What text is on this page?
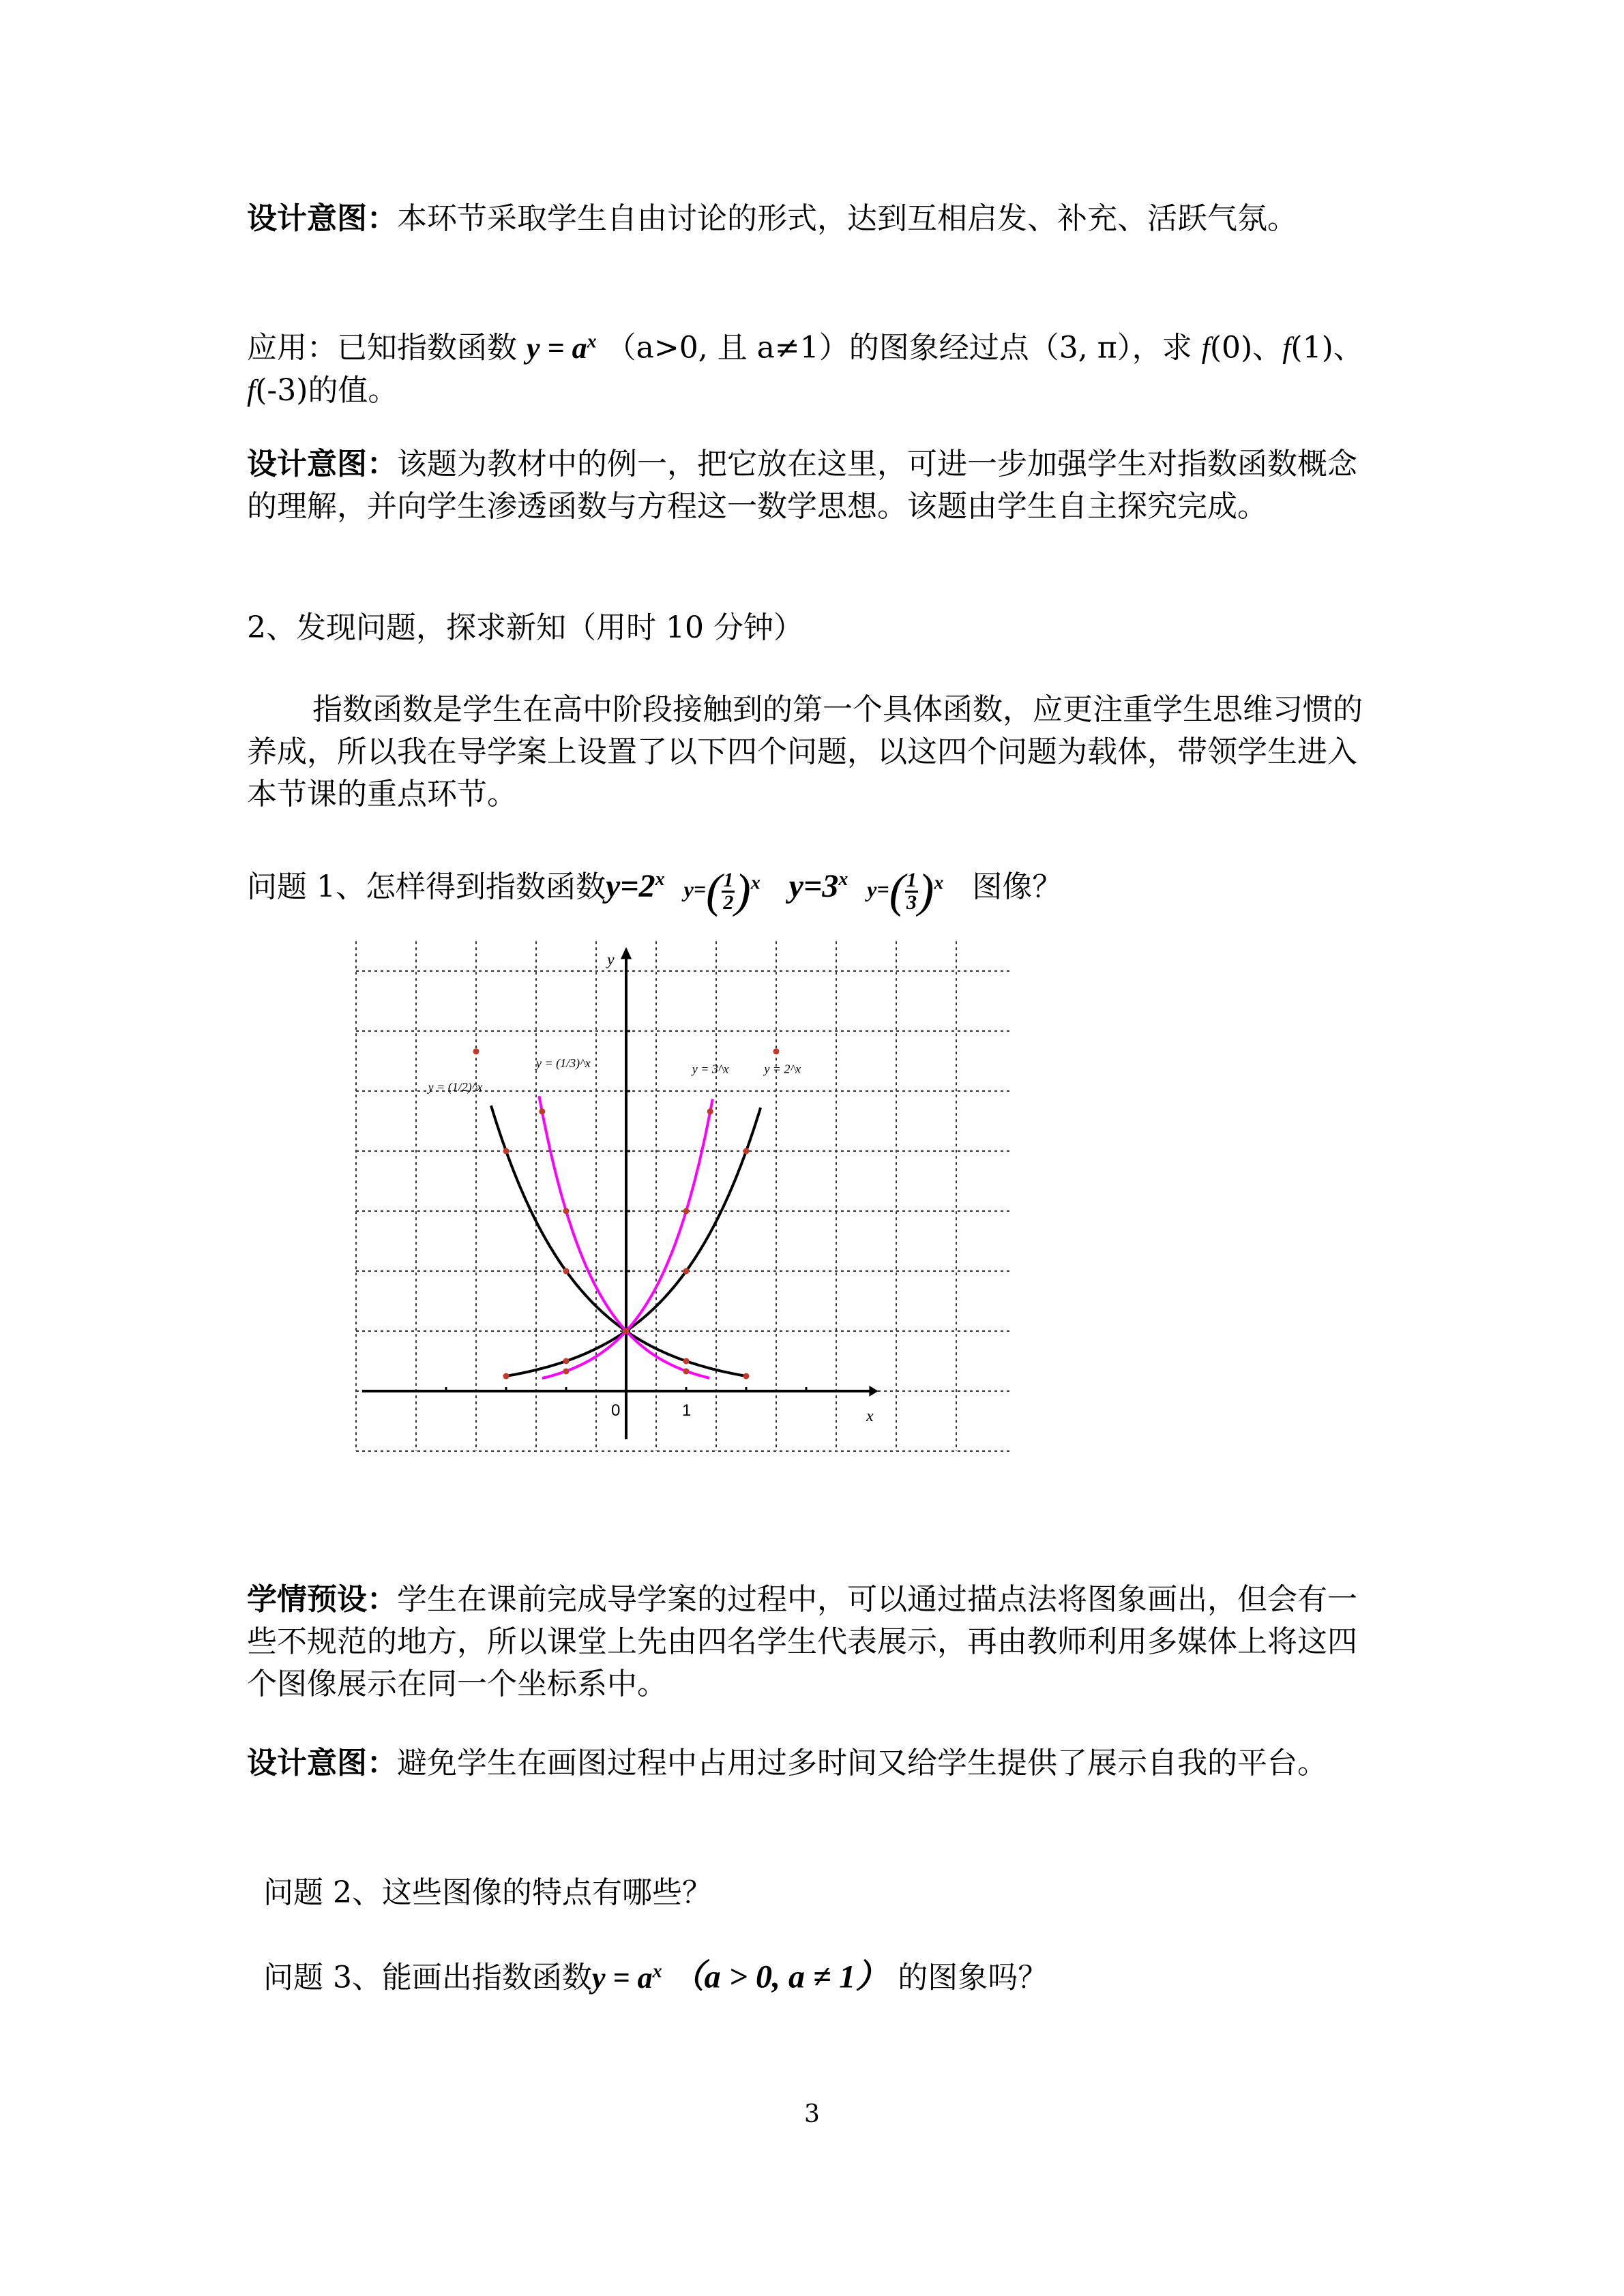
设计意图：本环节采取学生自由讨论的形式，达到互相启发、补充、活跃气氛。

应用：已知指数函数 $y = a^x$ （a>0, 且 a≠1）的图象经过点（3, π），求 f(0)、f(1)、f(-3)的值。

设计意图：该题为教材中的例一，把它放在这里，可进一步加强学生对指数函数概念的理解，并向学生渗透函数与方程这一数学思想。该题由学生自主探究完成。

2、发现问题，探求新知（用时 10 分钟）

指数函数是学生在高中阶段接触到的第一个具体函数，应更注重学生思维习惯的养成，所以我在导学案上设置了以下四个问题，以这四个问题为载体，带领学生进入本节课的重点环节。

问题 1、怎样得到指数函数$y=2^x$ $y=( \frac{1}{2} )^x$ $y=3^x$ $y=( \frac{1}{3} )^x$ 图像？

0	1	x
y
y = (1/2)^x
y = (1/3)^x	y = 3^x	y = 2^x

学情预设：学生在课前完成导学案的过程中，可以通过描点法将图象画出，但会有一些不规范的地方，所以课堂上先由四名学生代表展示，再由教师利用多媒体上将这四个图像展示在同一个坐标系中。

设计意图：避免学生在画图过程中占用过多时间又给学生提供了展示自我的平台。

问题 2、这些图像的特点有哪些？

问题 3、能画出指数函数$y = a^x$ （a > 0, a ≠ 1） 的图象吗？

3
